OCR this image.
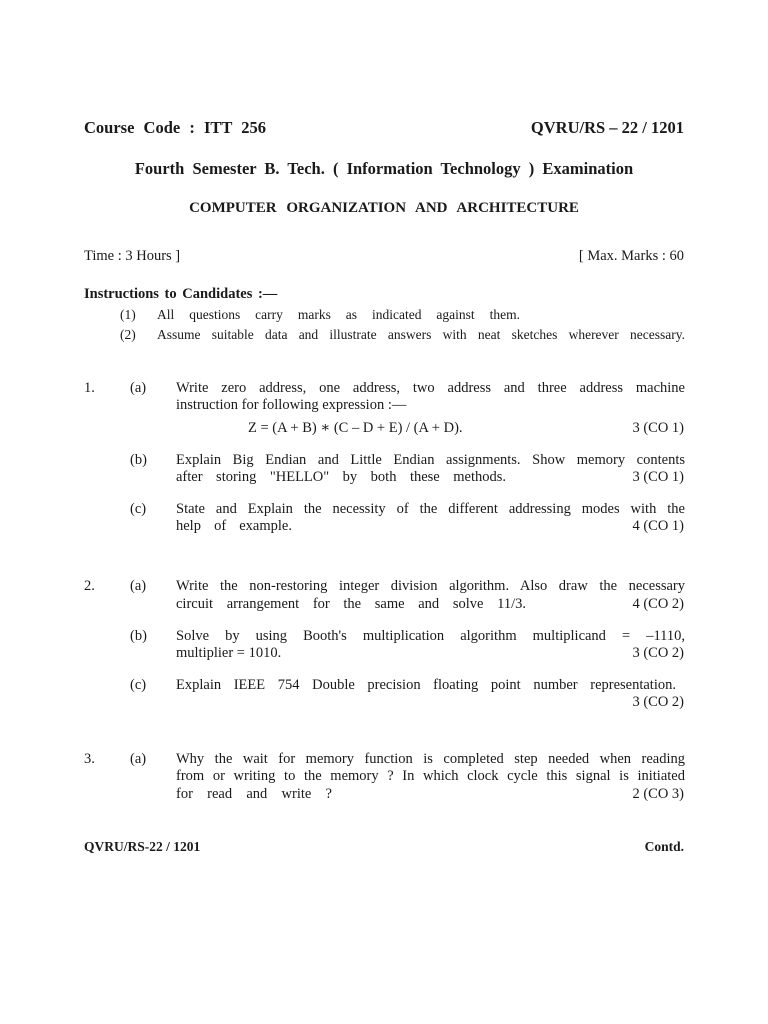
Course Code : ITT 256	QVRU/RS – 22 / 1201
Fourth Semester B. Tech. ( Information Technology ) Examination
COMPUTER ORGANIZATION AND ARCHITECTURE
Time : 3 Hours ]	[ Max. Marks : 60
Instructions to Candidates :—
(1) All questions carry marks as indicated against them.
(2) Assume suitable data and illustrate answers with neat sketches wherever necessary.
1. (a) Write zero address, one address, two address and three address machine
instruction for following expression :—
Z = (A + B) ∗ (C – D + E) / (A + D).	3 (CO 1)
(b) Explain Big Endian and Little Endian assignments. Show memory contents
after storing "HELLO" by both these methods.	3 (CO 1)
(c) State and Explain the necessity of the different addressing modes with the
help of example.	4 (CO 1)
2. (a) Write the non-restoring integer division algorithm. Also draw the necessary
circuit arrangement for the same and solve 11/3.	4 (CO 2)
(b) Solve by using Booth's multiplication algorithm multiplicand = –1110,
multiplier = 1010.	3 (CO 2)
(c) Explain IEEE 754 Double precision floating point number representation.
3 (CO 2)
3. (a) Why the wait for memory function is completed step needed when reading
from or writing to the memory ? In which clock cycle this signal is initiated
for read and write ?	2 (CO 3)
QVRU/RS-22 / 1201	Contd.
